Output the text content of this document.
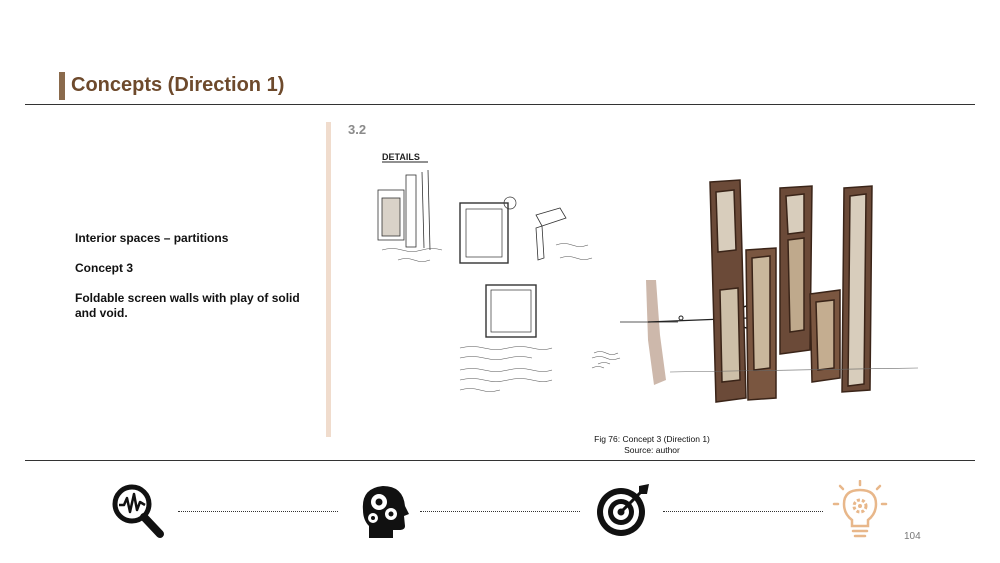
Concepts (Direction 1)

Interior spaces – partitions

Concept 3

Foldable screen walls with play of solid and void.

3.2
DETAILS
Fig 76: Concept 3 (Direction 1)
Source: author
104
